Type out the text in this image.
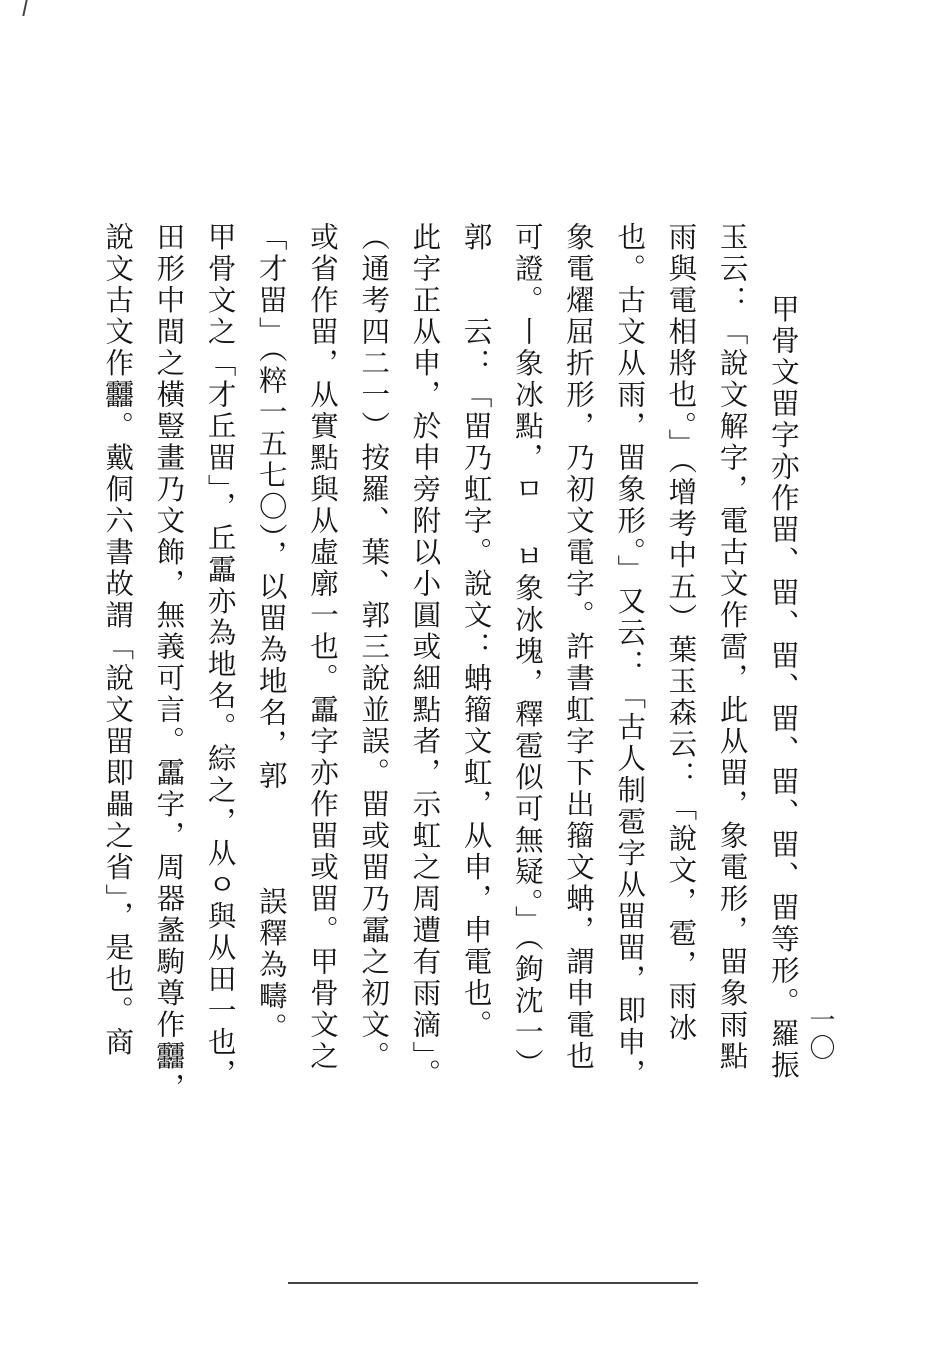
甲骨文㽞字亦作㽞、㽞、㽞、㽞、㽞、㽞、㽞等形。羅振
玉云：「說文解字，電古文作䨓，此从㽞，象電形，㽞象雨點
雨與電相將也。」（增考中五）葉玉森云：「說文，雹，雨冰
也。古文从雨，㽞象形。」又云：「古人制雹字从㽞㽞，即申，
象電燿屈折形，乃初文電字。許書虹字下出籀文蚺，謂申電也
可證。丨象冰點，ㅁ ㅂ象冰塊，釋雹似可無疑。」（鉤沈一）
郭　　云：「㽞乃虹字。說文：蚺籀文虹，从申，申電也。
此字正从申，於申旁附以小圓或細點者，示虹之周遭有雨滴」。
（通考四二一）按羅、葉、郭三說並誤。㽞或㽞乃靁之初文。
或省作㽞，从實點與从虛廓一也。靁字亦作㽞或㽞。甲骨文之
「才㽞」（粹一五七〇），以㽞為地名，郭　　　誤釋為疇。
甲骨文之「才丘㽞」，丘靁亦為地名。綜之，从ㅇ與从田一也，
田形中間之橫豎畫乃文飾，無義可言。靁字，周器盠駒尊作䨻，
說文古文作䨻。戴侗六書故謂「說文㽞即畾之省」，是也。商	一〇
